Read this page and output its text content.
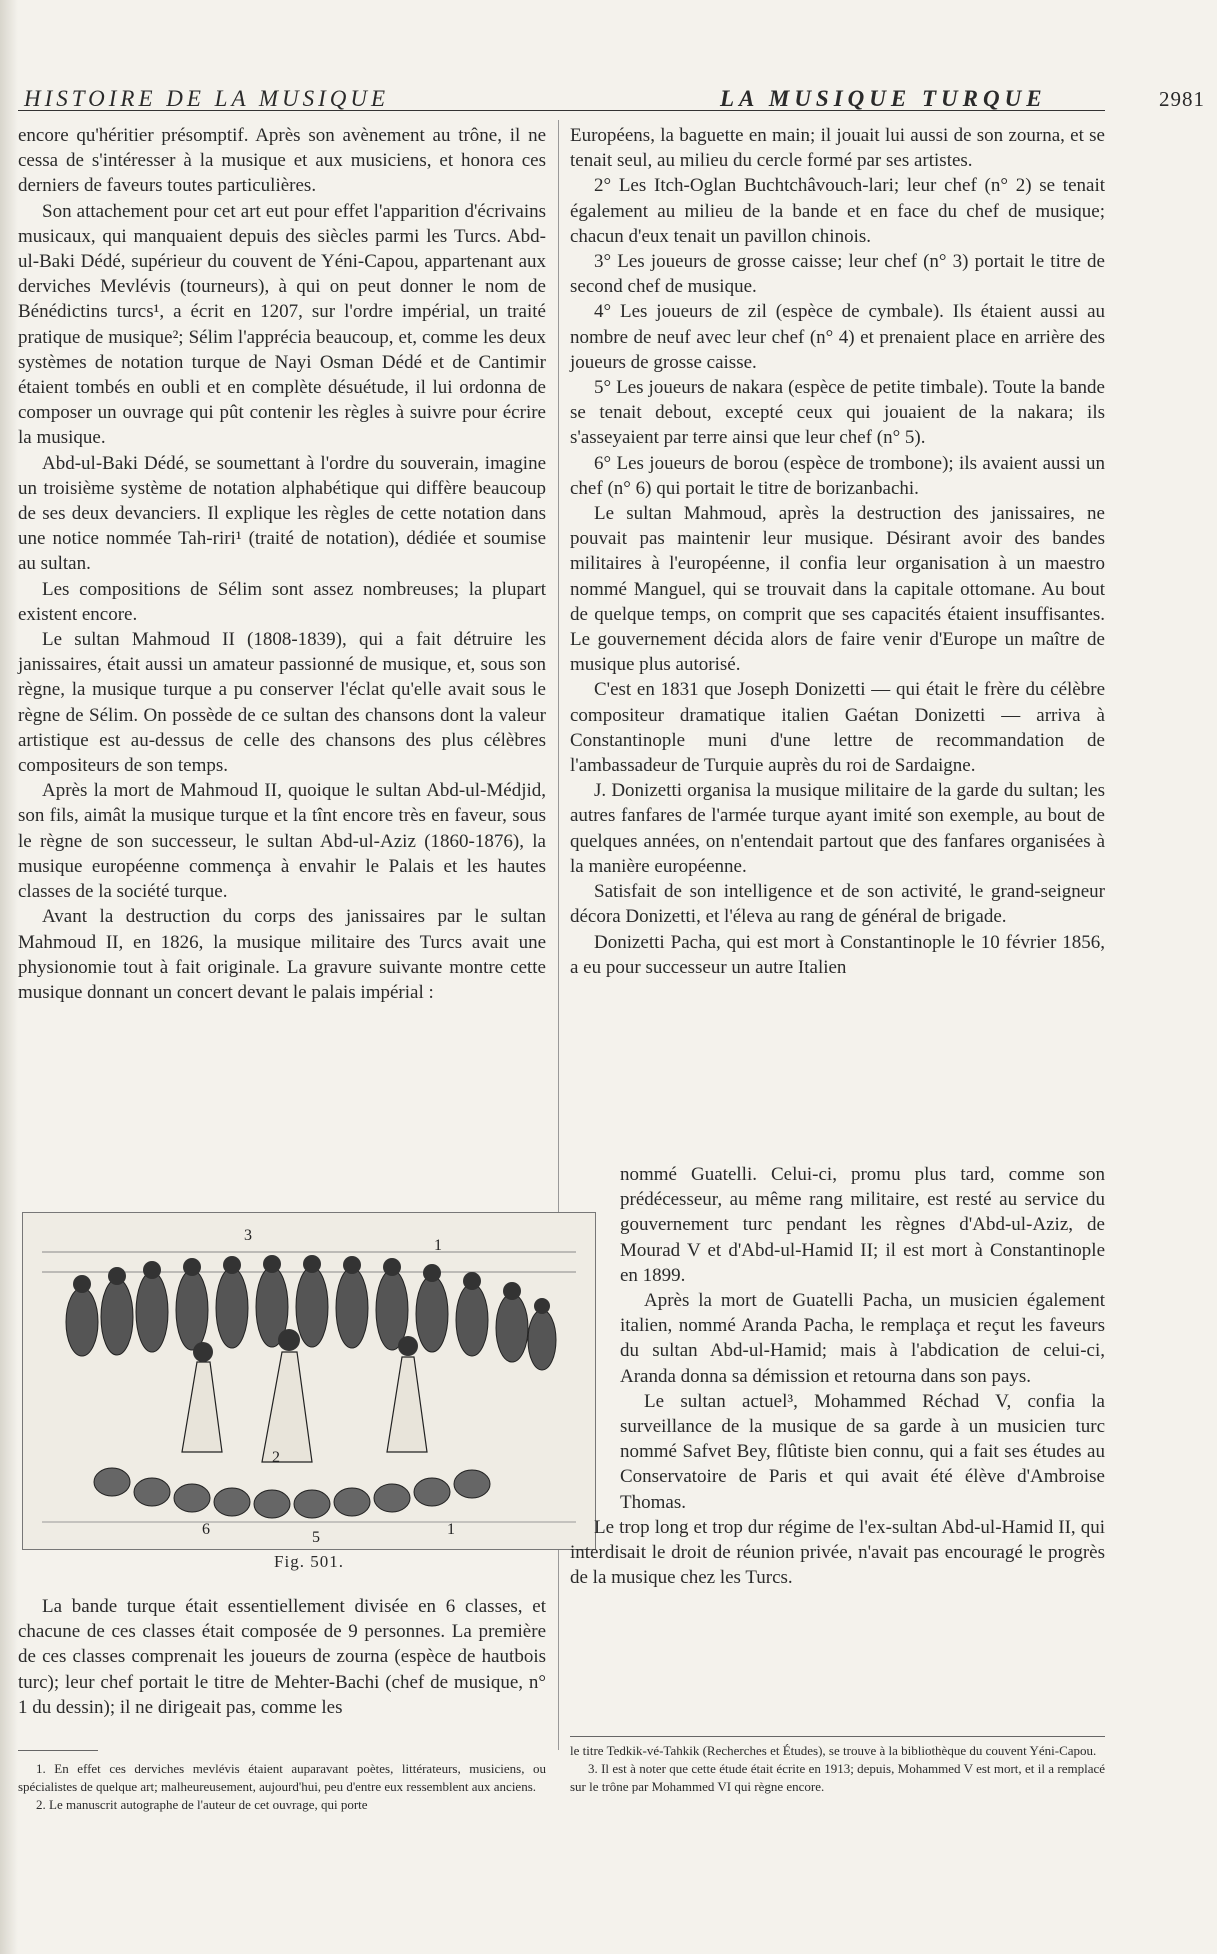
HISTOIRE DE LA MUSIQUE	LA MUSIQUE TURQUE	2981

encore qu'héritier présomptif. Après son avènement au trône, il ne cessa de s'intéresser à la musique et aux musiciens, et honora ces derniers de faveurs toutes particulières.

Son attachement pour cet art eut pour effet l'apparition d'écrivains musicaux, qui manquaient depuis des siècles parmi les Turcs. Abd-ul-Baki Dédé, supérieur du couvent de Yéni-Capou, appartenant aux derviches Mevlévis (tourneurs), à qui on peut donner le nom de Bénédictins turcs¹, a écrit en 1207, sur l'ordre impérial, un traité pratique de musique²; Sélim l'apprécia beaucoup, et, comme les deux systèmes de notation turque de Nayi Osman Dédé et de Cantimir étaient tombés en oubli et en complète désuétude, il lui ordonna de composer un ouvrage qui pût contenir les règles à suivre pour écrire la musique.

Abd-ul-Baki Dédé, se soumettant à l'ordre du souverain, imagine un troisième système de notation alphabétique qui diffère beaucoup de ses deux devanciers. Il explique les règles de cette notation dans une notice nommée Tah-riri¹ (traité de notation), dédiée et soumise au sultan.

Les compositions de Sélim sont assez nombreuses; la plupart existent encore.

Le sultan Mahmoud II (1808-1839), qui a fait détruire les janissaires, était aussi un amateur passionné de musique, et, sous son règne, la musique turque a pu conserver l'éclat qu'elle avait sous le règne de Sélim. On possède de ce sultan des chansons dont la valeur artistique est au-dessus de celle des chansons des plus célèbres compositeurs de son temps.

Après la mort de Mahmoud II, quoique le sultan Abd-ul-Médjid, son fils, aimât la musique turque et la tînt encore très en faveur, sous le règne de son successeur, le sultan Abd-ul-Aziz (1860-1876), la musique européenne commença à envahir le Palais et les hautes classes de la société turque.

Avant la destruction du corps des janissaires par le sultan Mahmoud II, en 1826, la musique militaire des Turcs avait une physionomie tout à fait originale. La gravure suivante montre cette musique donnant un concert devant le palais impérial :

3
1
2
6	5	1
Fig. 501.

La bande turque était essentiellement divisée en 6 classes, et chacune de ces classes était composée de 9 personnes. La première de ces classes comprenait les joueurs de zourna (espèce de hautbois turc); leur chef portait le titre de Mehter-Bachi (chef de musique, n° 1 du dessin); il ne dirigeait pas, comme les

Européens, la baguette en main; il jouait lui aussi de son zourna, et se tenait seul, au milieu du cercle formé par ses artistes.

2° Les Itch-Oglan Buchtchâvouch-lari; leur chef (n° 2) se tenait également au milieu de la bande et en face du chef de musique; chacun d'eux tenait un pavillon chinois.

3° Les joueurs de grosse caisse; leur chef (n° 3) portait le titre de second chef de musique.

4° Les joueurs de zil (espèce de cymbale). Ils étaient aussi au nombre de neuf avec leur chef (n° 4) et prenaient place en arrière des joueurs de grosse caisse.

5° Les joueurs de nakara (espèce de petite timbale). Toute la bande se tenait debout, excepté ceux qui jouaient de la nakara; ils s'asseyaient par terre ainsi que leur chef (n° 5).

6° Les joueurs de borou (espèce de trombone); ils avaient aussi un chef (n° 6) qui portait le titre de borizanbachi.

Le sultan Mahmoud, après la destruction des janissaires, ne pouvait pas maintenir leur musique. Désirant avoir des bandes militaires à l'européenne, il confia leur organisation à un maestro nommé Manguel, qui se trouvait dans la capitale ottomane. Au bout de quelque temps, on comprit que ses capacités étaient insuffisantes. Le gouvernement décida alors de faire venir d'Europe un maître de musique plus autorisé.

C'est en 1831 que Joseph Donizetti — qui était le frère du célèbre compositeur dramatique italien Gaétan Donizetti — arriva à Constantinople muni d'une lettre de recommandation de l'ambassadeur de Turquie auprès du roi de Sardaigne.

J. Donizetti organisa la musique militaire de la garde du sultan; les autres fanfares de l'armée turque ayant imité son exemple, au bout de quelques années, on n'entendait partout que des fanfares organisées à la manière européenne.

Satisfait de son intelligence et de son activité, le grand-seigneur décora Donizetti, et l'éleva au rang de général de brigade.

Donizetti Pacha, qui est mort à Constantinople le 10 février 1856, a eu pour successeur un autre Italien

nommé Guatelli. Celui-ci, promu plus tard, comme son prédécesseur, au même rang militaire, est resté au service du gouvernement turc pendant les règnes d'Abd-ul-Aziz, de Mourad V et d'Abd-ul-Hamid II; il est mort à Constantinople en 1899.

Après la mort de Guatelli Pacha, un musicien également italien, nommé Aranda Pacha, le remplaça et reçut les faveurs du sultan Abd-ul-Hamid; mais à l'abdication de celui-ci, Aranda donna sa démission et retourna dans son pays.

Le sultan actuel³, Mohammed Réchad V, confia la surveillance de la musique de sa garde à un musicien turc nommé Safvet Bey, flûtiste bien connu, qui a fait ses études au Conservatoire de Paris et qui avait été élève d'Ambroise Thomas.

Le trop long et trop dur régime de l'ex-sultan Abd-ul-Hamid II, qui interdisait le droit de réunion privée, n'avait pas encouragé le progrès de la musique chez les Turcs.

1. En effet ces derviches mevlévis étaient auparavant poètes, littérateurs, musiciens, ou spécialistes de quelque art; malheureusement, aujourd'hui, peu d'entre eux ressemblent aux anciens.

2. Le manuscrit autographe de l'auteur de cet ouvrage, qui porte

le titre Tedkik-vé-Tahkik (Recherches et Études), se trouve à la bibliothèque du couvent Yéni-Capou.

3. Il est à noter que cette étude était écrite en 1913; depuis, Mohammed V est mort, et il a remplacé sur le trône par Mohammed VI qui règne encore.
